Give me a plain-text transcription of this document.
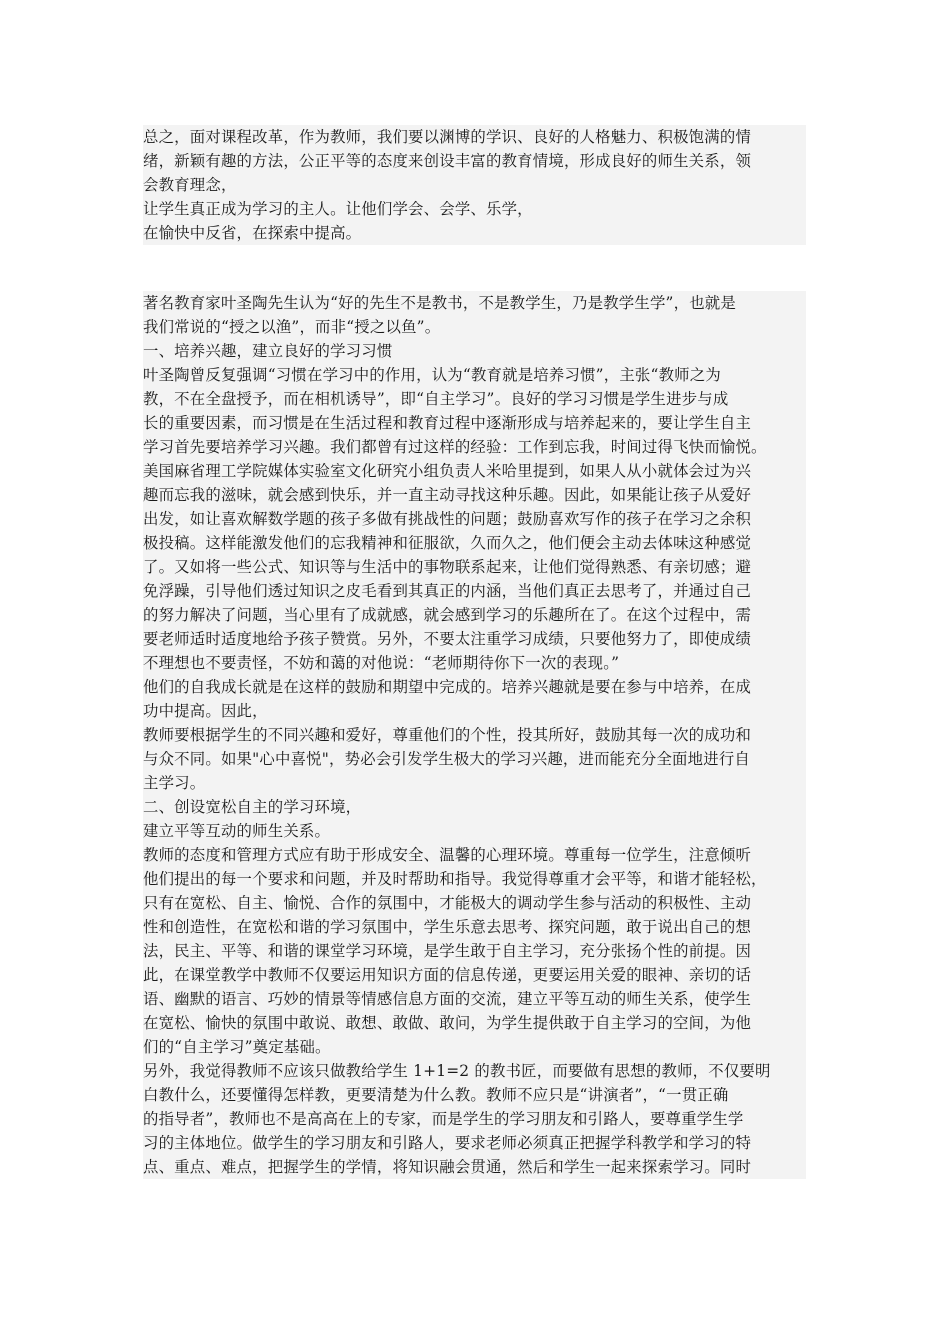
总之，面对课程改革，作为教师，我们要以渊博的学识、良好的人格魅力、积极饱满的情
绪，新颖有趣的方法，公正平等的态度来创设丰富的教育情境，形成良好的师生关系，领
会教育理念，
让学生真正成为学习的主人。让他们学会、会学、乐学，
在愉快中反省，在探索中提高。
著名教育家叶圣陶先生认为“好的先生不是教书，不是教学生，乃是教学生学”，也就是
我们常说的“授之以渔”，而非“授之以鱼”。
一、培养兴趣，建立良好的学习习惯
叶圣陶曾反复强调“习惯在学习中的作用，认为“教育就是培养习惯”，主张“教师之为
教，不在全盘授予，而在相机诱导”，即“自主学习”。良好的学习习惯是学生进步与成
长的重要因素，而习惯是在生活过程和教育过程中逐渐形成与培养起来的，要让学生自主
学习首先要培养学习兴趣。我们都曾有过这样的经验：工作到忘我，时间过得飞快而愉悦。
美国麻省理工学院媒体实验室文化研究小组负责人米哈里提到，如果人从小就体会过为兴
趣而忘我的滋味，就会感到快乐，并一直主动寻找这种乐趣。因此，如果能让孩子从爱好
出发，如让喜欢解数学题的孩子多做有挑战性的问题；鼓励喜欢写作的孩子在学习之余积
极投稿。这样能激发他们的忘我精神和征服欲，久而久之，他们便会主动去体味这种感觉
了。又如将一些公式、知识等与生活中的事物联系起来，让他们觉得熟悉、有亲切感；避
免浮躁，引导他们透过知识之皮毛看到其真正的内涵，当他们真正去思考了，并通过自己
的努力解决了问题，当心里有了成就感，就会感到学习的乐趣所在了。在这个过程中，需
要老师适时适度地给予孩子赞赏。另外，不要太注重学习成绩，只要他努力了，即使成绩
不理想也不要责怪，不妨和蔼的对他说：“老师期待你下一次的表现。”
他们的自我成长就是在这样的鼓励和期望中完成的。培养兴趣就是要在参与中培养，在成
功中提高。因此，
教师要根据学生的不同兴趣和爱好，尊重他们的个性，投其所好，鼓励其每一次的成功和
与众不同。如果"心中喜悦"，势必会引发学生极大的学习兴趣，进而能充分全面地进行自
主学习。
二、创设宽松自主的学习环境，
建立平等互动的师生关系。
教师的态度和管理方式应有助于形成安全、温馨的心理环境。尊重每一位学生，注意倾听
他们提出的每一个要求和问题，并及时帮助和指导。我觉得尊重才会平等，和谐才能轻松，
只有在宽松、自主、愉悦、合作的氛围中，才能极大的调动学生参与活动的积极性、主动
性和创造性，在宽松和谐的学习氛围中，学生乐意去思考、探究问题，敢于说出自己的想
法，民主、平等、和谐的课堂学习环境，是学生敢于自主学习，充分张扬个性的前提。因
此，在课堂教学中教师不仅要运用知识方面的信息传递，更要运用关爱的眼神、亲切的话
语、幽默的语言、巧妙的情景等情感信息方面的交流，建立平等互动的师生关系，使学生
在宽松、愉快的氛围中敢说、敢想、敢做、敢问，为学生提供敢于自主学习的空间，为他
们的“自主学习”奠定基础。
另外，我觉得教师不应该只做教给学生 1+1=2 的教书匠，而要做有思想的教师，不仅要明
白教什么，还要懂得怎样教，更要清楚为什么教。教师不应只是“讲演者”，“一贯正确
的指导者”，教师也不是高高在上的专家，而是学生的学习朋友和引路人，要尊重学生学
习的主体地位。做学生的学习朋友和引路人，要求老师必须真正把握学科教学和学习的特
点、重点、难点，把握学生的学情，将知识融会贯通，然后和学生一起来探索学习。同时
